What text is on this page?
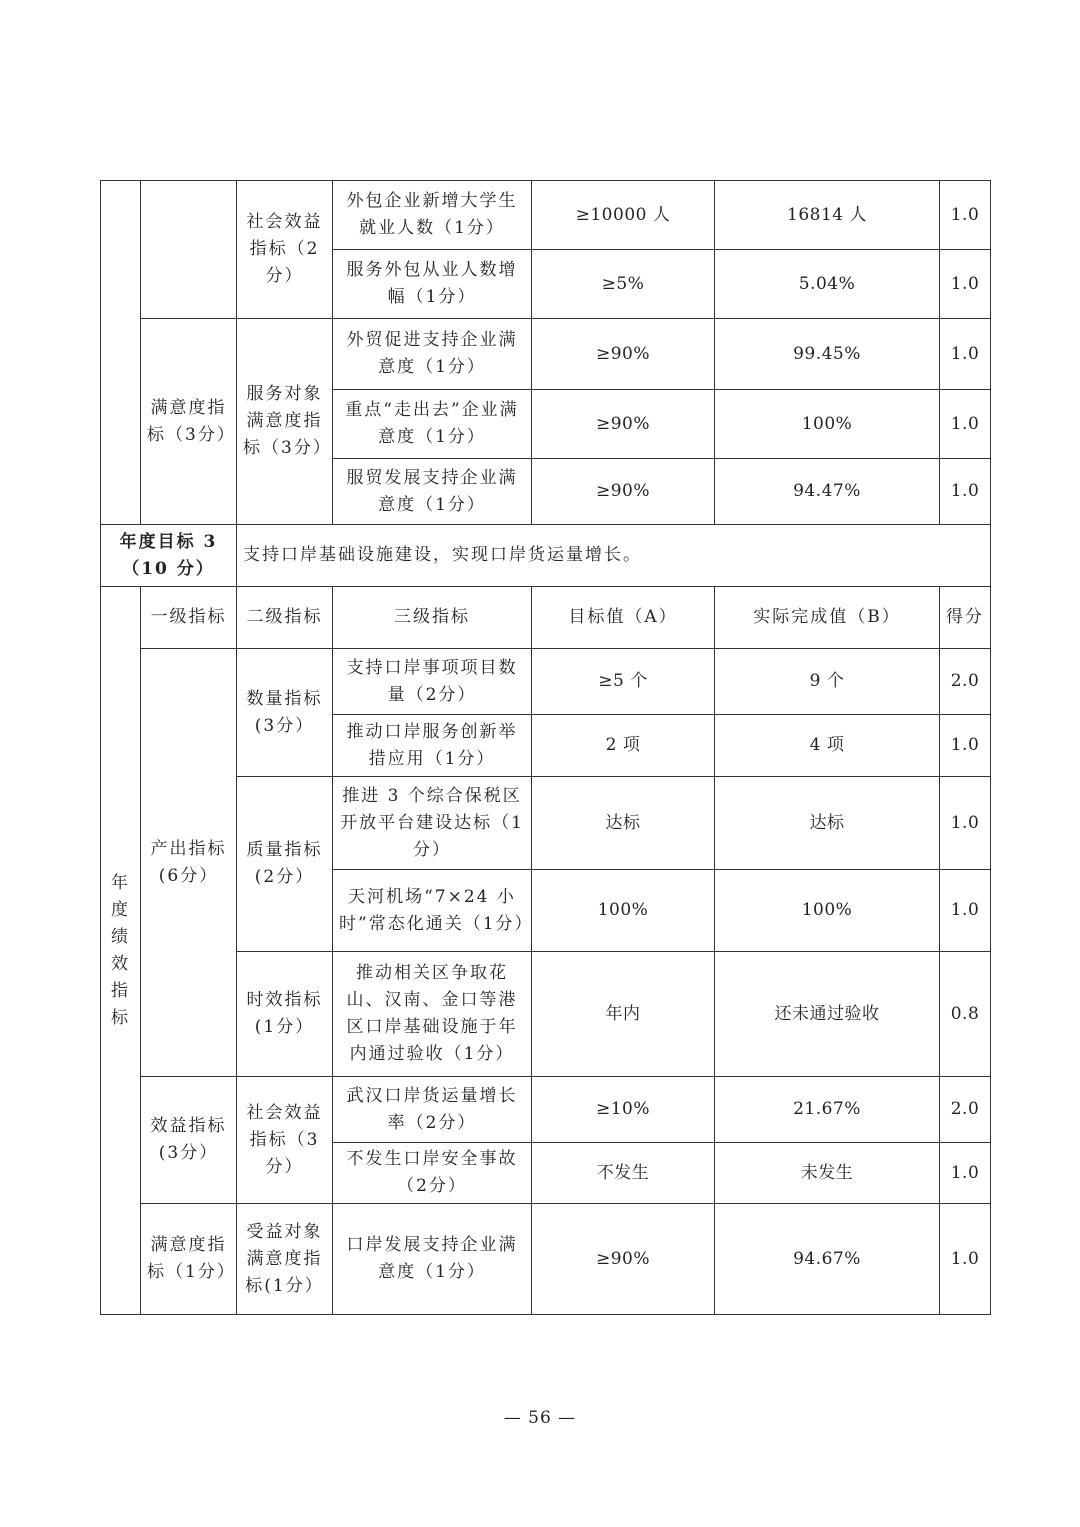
		社会效益指标（2分）	外包企业新增大学生就业人数（1分）	≥10000 人	16814 人	1.0
			服务外包从业人数增幅（1分）	≥5%	5.04%	1.0
	满意度指标（3分）	服务对象满意度指标（3分）	外贸促进支持企业满意度（1分）	≥90%	99.45%	1.0
			重点“走出去”企业满意度（1分）	≥90%	100%	1.0
			服贸发展支持企业满意度（1分）	≥90%	94.47%	1.0
年度目标 3（10 分）		支持口岸基础设施建设，实现口岸货运量增长。				
年度绩效指标	一级指标	二级指标	三级指标	目标值（A）	实际完成值（B）	得分
	产出指标(6分）	数量指标(3分）	支持口岸事项项目数量（2分）	≥5 个	9 个	2.0
			推动口岸服务创新举措应用（1分）	2 项	4 项	1.0
		质量指标(2分）	推进 3 个综合保税区开放平台建设达标（1分）	达标	达标	1.0
			天河机场“7×24 小时”常态化通关（1分）	100%	100%	1.0
		时效指标(1分）	推动相关区争取花山、汉南、金口等港区口岸基础设施于年内通过验收（1分）	年内	还未通过验收	0.8
	效益指标(3分）	社会效益指标（3分）	武汉口岸货运量增长率（2分）	≥10%	21.67%	2.0
			不发生口岸安全事故（2分）	不发生	未发生	1.0
	满意度指标（1分）	受益对象满意度指标(1分）	口岸发展支持企业满意度（1分）	≥90%	94.67%	1.0
— 56 —
